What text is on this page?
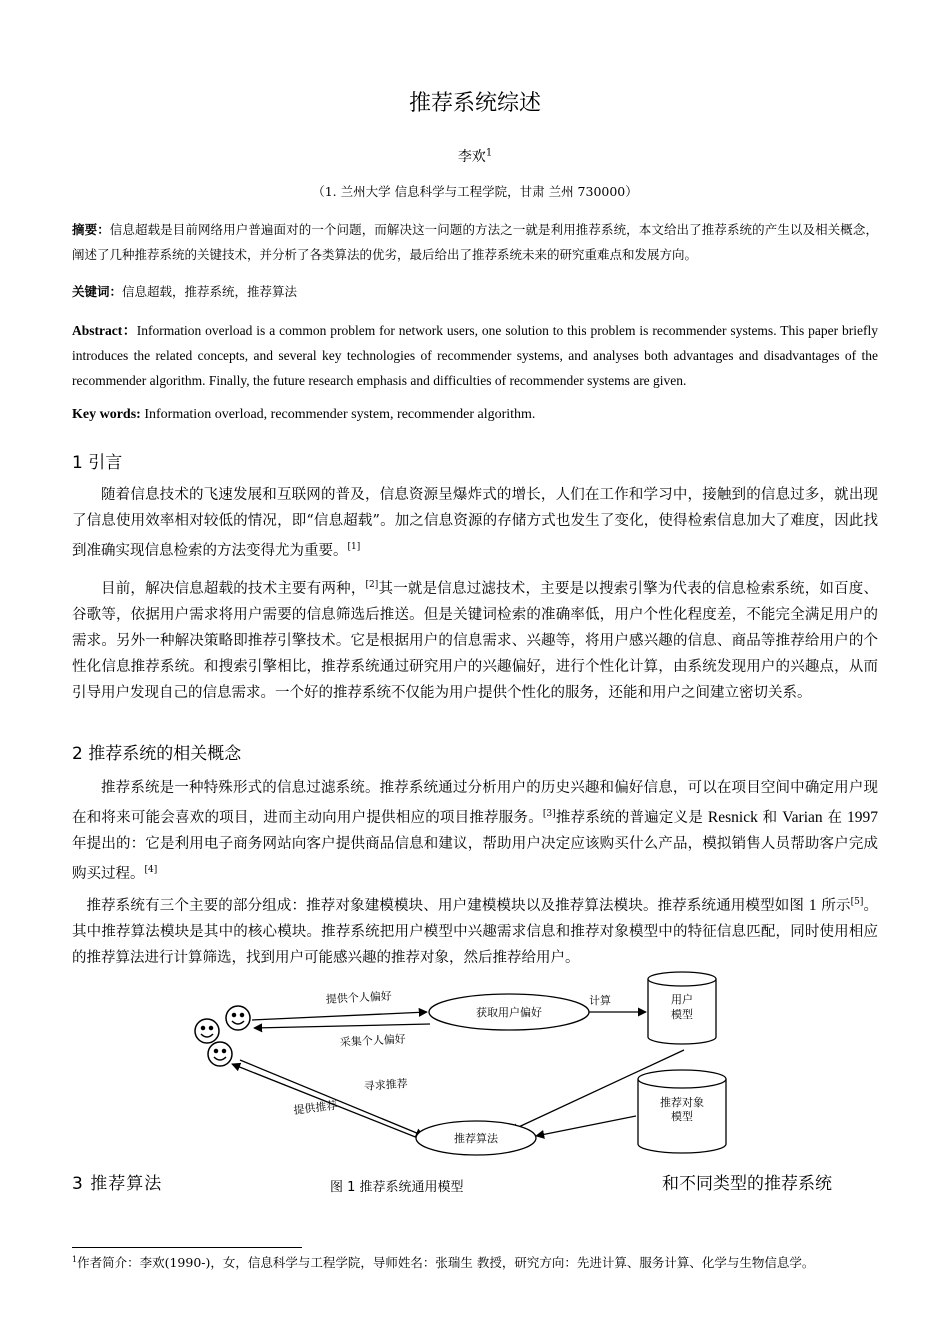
推荐系统综述
李欢$^1$
（1. 兰州大学 信息科学与工程学院，甘肃 兰州 730000）
摘要：信息超载是目前网络用户普遍面对的一个问题，而解决这一问题的方法之一就是利用推荐系统，本文给出了推荐系统的产生以及相关概念，阐述了几种推荐系统的关键技术，并分析了各类算法的优劣，最后给出了推荐系统未来的研究重难点和发展方向。
关键词：信息超载，推荐系统，推荐算法
Abstract：Information overload is a common problem for network users, one solution to this problem is recommender systems. This paper briefly introduces the related concepts, and several key technologies of recommender systems, and analyses both advantages and disadvantages of the recommender algorithm. Finally, the future research emphasis and difficulties of recommender systems are given.
Key words: Information overload, recommender system, recommender algorithm.
1 引言
随着信息技术的飞速发展和互联网的普及，信息资源呈爆炸式的增长，人们在工作和学习中，接触到的信息过多，就出现了信息使用效率相对较低的情况，即“信息超载”。加之信息资源的存储方式也发生了变化，使得检索信息加大了难度，因此找到准确实现信息检索的方法变得尤为重要。[1]
目前，解决信息超载的技术主要有两种，[2]其一就是信息过滤技术，主要是以搜索引擎为代表的信息检索系统，如百度、谷歌等，依据用户需求将用户需要的信息筛选后推送。但是关键词检索的准确率低，用户个性化程度差，不能完全满足用户的需求。另外一种解决策略即推荐引擎技术。它是根据用户的信息需求、兴趣等，将用户感兴趣的信息、商品等推荐给用户的个性化信息推荐系统。和搜索引擎相比，推荐系统通过研究用户的兴趣偏好，进行个性化计算，由系统发现用户的兴趣点，从而引导用户发现自己的信息需求。一个好的推荐系统不仅能为用户提供个性化的服务，还能和用户之间建立密切关系。
2 推荐系统的相关概念
推荐系统是一种特殊形式的信息过滤系统。推荐系统通过分析用户的历史兴趣和偏好信息，可以在项目空间中确定用户现在和将来可能会喜欢的项目，进而主动向用户提供相应的项目推荐服务。[3]推荐系统的普遍定义是 Resnick 和 Varian 在 1997 年提出的：它是利用电子商务网站向客户提供商品信息和建议，帮助用户决定应该购买什么产品，模拟销售人员帮助客户完成购买过程。[4]
推荐系统有三个主要的部分组成：推荐对象建模模块、用户建模模块以及推荐算法模块。推荐系统通用模型如图 1 所示[5]。其中推荐算法模块是其中的核心模块。推荐系统把用户模型中兴趣需求信息和推荐对象模型中的特征信息匹配，同时使用相应的推荐算法进行计算筛选，找到用户可能感兴趣的推荐对象，然后推荐给用户。
提供个人偏好
采集个人偏好
寻求推荐
提供推荐
计算
获取用户偏好
推荐算法
用户
模型
推荐对象
模型
3 推荐算法	图 1 推荐系统通用模型	和不同类型的推荐系统
$^1$作者简介：李欢(1990-)，女，信息科学与工程学院，导师姓名：张瑞生 教授，研究方向：先进计算、服务计算、化学与生物信息学。
